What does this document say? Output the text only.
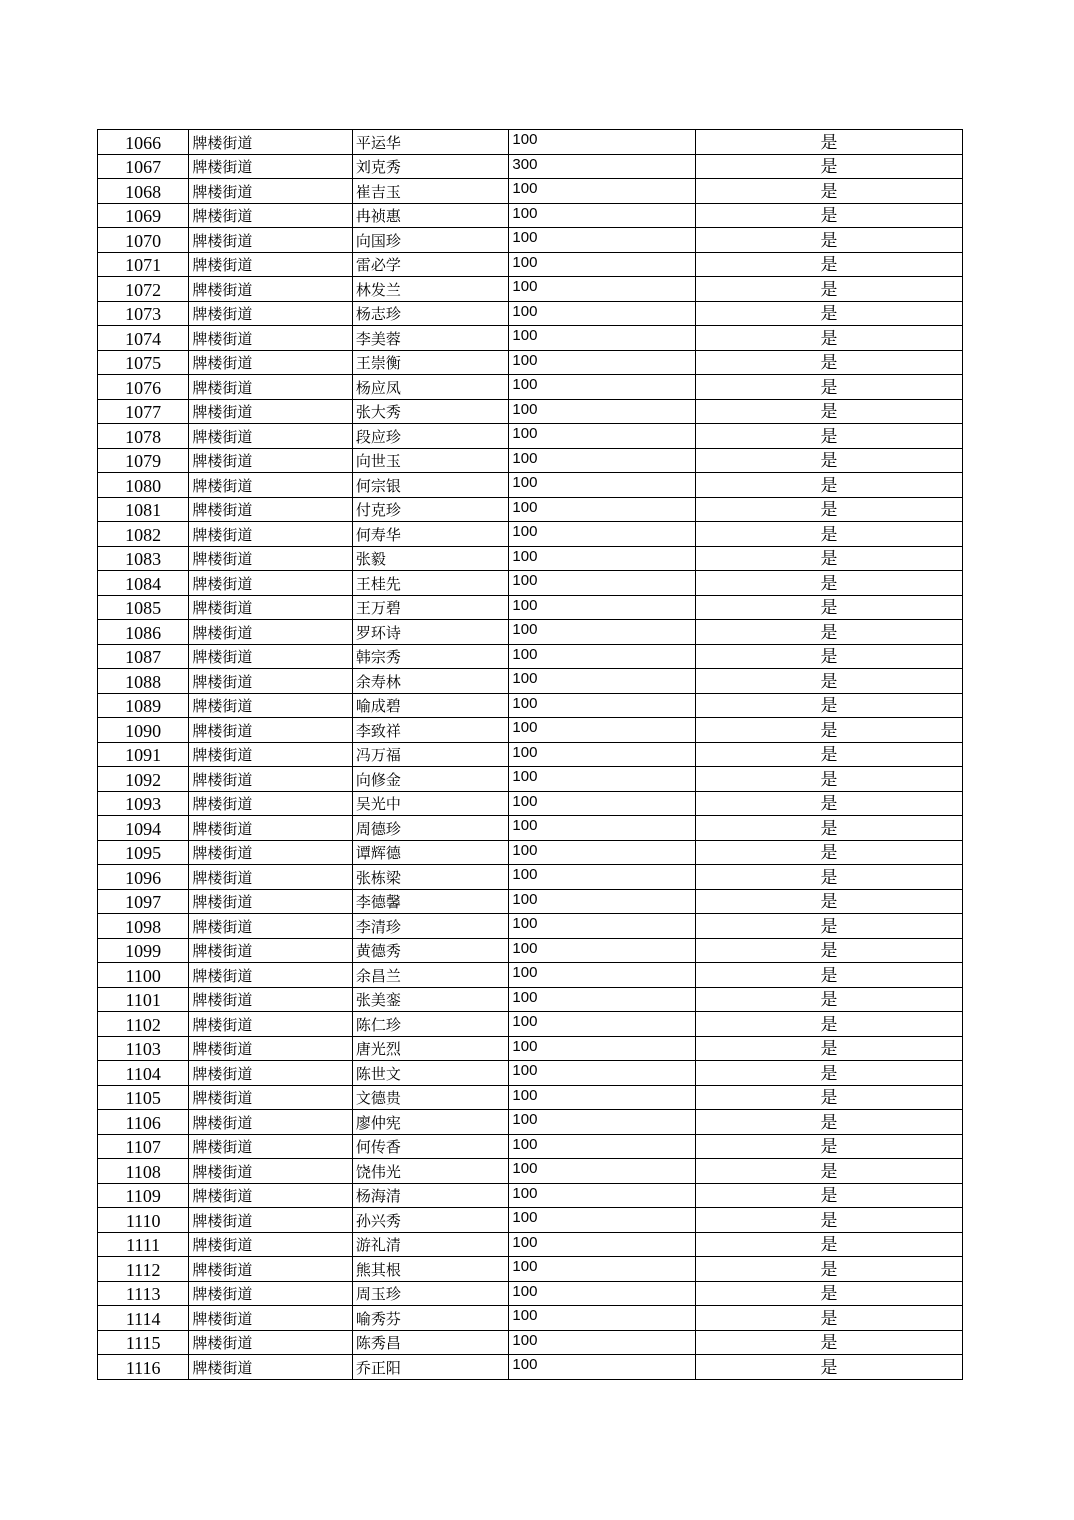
1066	牌楼街道	平运华	100	是
1067	牌楼街道	刘克秀	300	是
1068	牌楼街道	崔吉玉	100	是
1069	牌楼街道	冉祯惠	100	是
1070	牌楼街道	向国珍	100	是
1071	牌楼街道	雷必学	100	是
1072	牌楼街道	林发兰	100	是
1073	牌楼街道	杨志珍	100	是
1074	牌楼街道	李美蓉	100	是
1075	牌楼街道	王崇衡	100	是
1076	牌楼街道	杨应凤	100	是
1077	牌楼街道	张大秀	100	是
1078	牌楼街道	段应珍	100	是
1079	牌楼街道	向世玉	100	是
1080	牌楼街道	何宗银	100	是
1081	牌楼街道	付克珍	100	是
1082	牌楼街道	何寿华	100	是
1083	牌楼街道	张毅	100	是
1084	牌楼街道	王桂先	100	是
1085	牌楼街道	王万碧	100	是
1086	牌楼街道	罗环诗	100	是
1087	牌楼街道	韩宗秀	100	是
1088	牌楼街道	余寿林	100	是
1089	牌楼街道	喻成碧	100	是
1090	牌楼街道	李致祥	100	是
1091	牌楼街道	冯万福	100	是
1092	牌楼街道	向修金	100	是
1093	牌楼街道	吴光中	100	是
1094	牌楼街道	周德珍	100	是
1095	牌楼街道	谭辉德	100	是
1096	牌楼街道	张栋梁	100	是
1097	牌楼街道	李德馨	100	是
1098	牌楼街道	李清珍	100	是
1099	牌楼街道	黄德秀	100	是
1100	牌楼街道	余昌兰	100	是
1101	牌楼街道	张美銮	100	是
1102	牌楼街道	陈仁珍	100	是
1103	牌楼街道	唐光烈	100	是
1104	牌楼街道	陈世文	100	是
1105	牌楼街道	文德贵	100	是
1106	牌楼街道	廖仲宪	100	是
1107	牌楼街道	何传香	100	是
1108	牌楼街道	饶伟光	100	是
1109	牌楼街道	杨海清	100	是
1110	牌楼街道	孙兴秀	100	是
1111	牌楼街道	游礼清	100	是
1112	牌楼街道	熊其根	100	是
1113	牌楼街道	周玉珍	100	是
1114	牌楼街道	喻秀芬	100	是
1115	牌楼街道	陈秀昌	100	是
1116	牌楼街道	乔正阳	100	是
